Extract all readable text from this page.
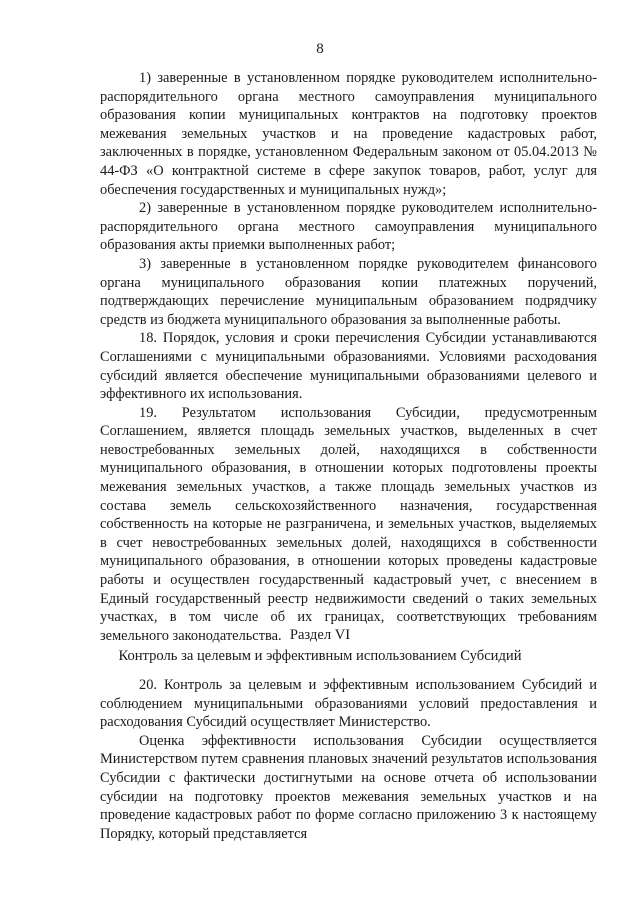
8

1) заверенные в установленном порядке руководителем исполнительно-распорядительного органа местного самоуправления муниципального образования копии муниципальных контрактов на подготовку проектов межевания земельных участков и на проведение кадастровых работ, заключенных в порядке, установленном Федеральным законом от 05.04.2013 № 44-ФЗ «О контрактной системе в сфере закупок товаров, работ, услуг для обеспечения государственных и муниципальных нужд»;

2) заверенные в установленном порядке руководителем исполнительно-распорядительного органа местного самоуправления муниципального образования акты приемки выполненных работ;

3) заверенные в установленном порядке руководителем финансового органа муниципального образования копии платежных поручений, подтверждающих перечисление муниципальным образованием подрядчику средств из бюджета муниципального образования за выполненные работы.

18. Порядок, условия и сроки перечисления Субсидии устанавливаются Соглашениями с муниципальными образованиями. Условиями расходования субсидий является обеспечение муниципальными образованиями целевого и эффективного их использования.

19. Результатом использования Субсидии, предусмотренным Соглашением, является площадь земельных участков, выделенных в счет невостребованных земельных долей, находящихся в собственности муниципального образования, в отношении которых подготовлены проекты межевания земельных участков, а также площадь земельных участков из состава земель сельскохозяйственного назначения, государственная собственность на которые не разграничена, и земельных участков, выделяемых в счет невостребованных земельных долей, находящихся в собственности муниципального образования, в отношении которых проведены кадастровые работы и осуществлен государственный кадастровый учет, с внесением в Единый государственный реестр недвижимости сведений о таких земельных участках, в том числе об их границах, соответствующих требованиям земельного законодательства. Раздел VI
Контроль за целевым и эффективным использованием Субсидий

20. Контроль за целевым и эффективным использованием Субсидий и соблюдением муниципальными образованиями условий предоставления и расходования Субсидий осуществляет Министерство.

Оценка эффективности использования Субсидии осуществляется Министерством путем сравнения плановых значений результатов использования Субсидии с фактически достигнутыми на основе отчета об использовании субсидии на подготовку проектов межевания земельных участков и на проведение кадастровых работ по форме согласно приложению 3 к настоящему Порядку, который представляется
